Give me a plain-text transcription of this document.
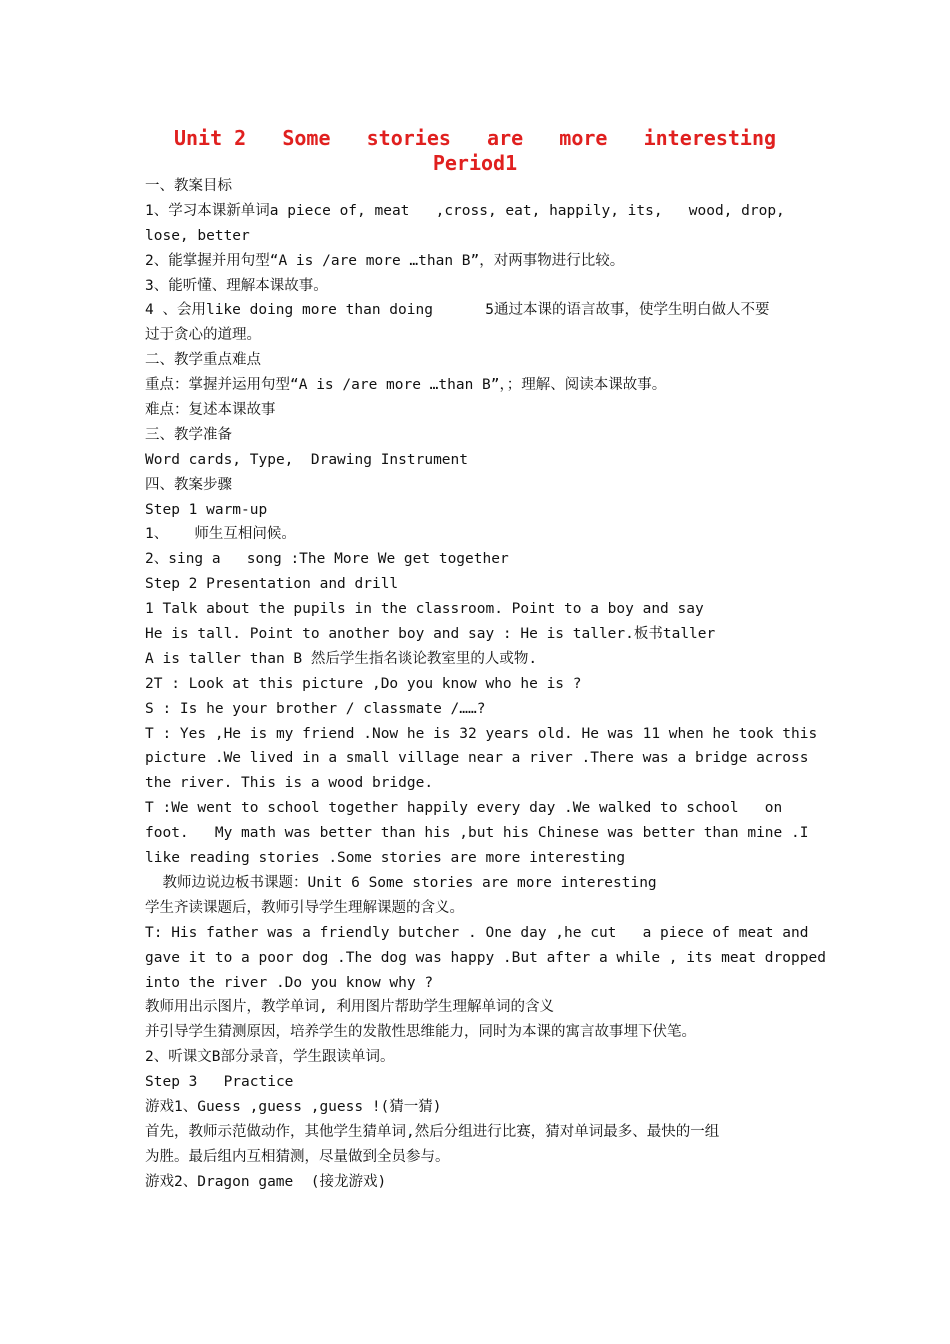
Unit 2   Some   stories   are   more   interesting
Period1
一、教案目标
1、学习本课新单词a piece of, meat   ,cross, eat, happily, its,   wood, drop,
lose, better
2、能掌握并用句型“A is /are more …than B”，对两事物进行比较。
3、能听懂、理解本课故事。
4 、会用like doing more than doing      5通过本课的语言故事，使学生明白做人不要
过于贪心的道理。
二、教学重点难点
重点：掌握并运用句型“A is /are more …than B”，；理解、阅读本课故事。
难点：复述本课故事
三、教学准备
Word cards, Type,  Drawing Instrument
四、教案步骤
Step 1 warm-up
1、   师生互相问候。
2、sing a   song :The More We get together
Step 2 Presentation and drill
1 Talk about the pupils in the classroom. Point to a boy and say
He is tall. Point to another boy and say : He is taller.板书taller
A is taller than B 然后学生指名谈论教室里的人或物.
2T : Look at this picture ,Do you know who he is ?
S : Is he your brother / classmate /……?
T : Yes ,He is my friend .Now he is 32 years old. He was 11 when he took this
picture .We lived in a small village near a river .There was a bridge across
the river. This is a wood bridge.
T :We went to school together happily every day .We walked to school   on
foot.   My math was better than his ,but his Chinese was better than mine .I
like reading stories .Some stories are more interesting
教师边说边板书课题：Unit 6 Some stories are more interesting
学生齐读课题后，教师引导学生理解课题的含义。
T: His father was a friendly butcher . One day ,he cut   a piece of meat and
gave it to a poor dog .The dog was happy .But after a while , its meat dropped
into the river .Do you know why ?
教师用出示图片，教学单词, 利用图片帮助学生理解单词的含义
并引导学生猜测原因，培养学生的发散性思维能力，同时为本课的寓言故事埋下伏笔。
2、听课文B部分录音，学生跟读单词。
Step 3   Practice
游戏1、Guess ,guess ,guess !(猜一猜)
首先，教师示范做动作，其他学生猜单词,然后分组进行比赛，猜对单词最多、最快的一组
为胜。最后组内互相猜测，尽量做到全员参与。
游戏2、Dragon game  (接龙游戏)
